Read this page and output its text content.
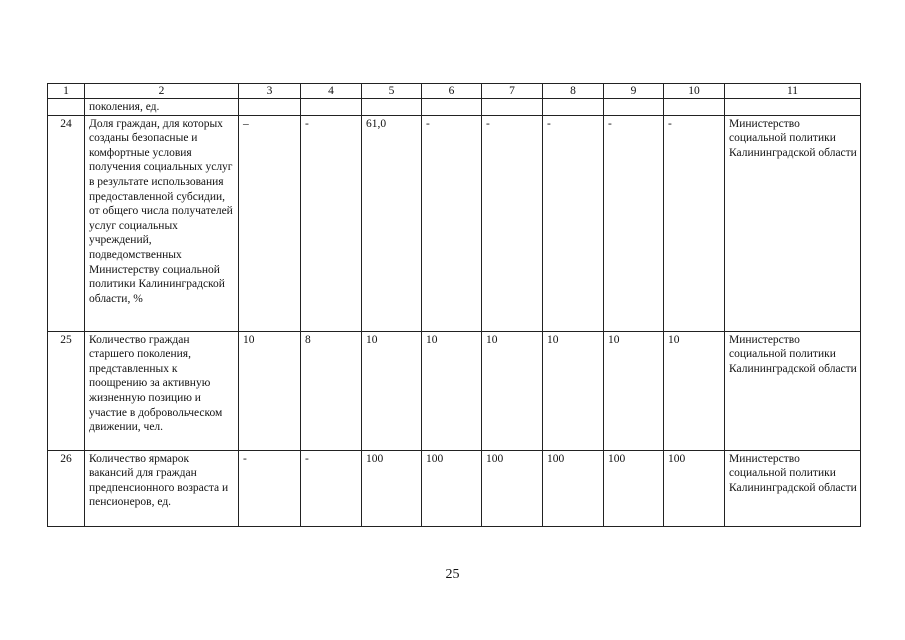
1	2	3	4	5	6	7	8	9	10	11
	поколения, ед.									
24	Доля граждан, для которых созданы безопасные и комфортные условия получения социальных услуг в результате использования предоставленной субсидии, от общего числа получателей услуг социальных учреждений, подведомственных Министерству социальной политики Калининградской области, %	–	-	61,0	-	-	-	-	-	Министерство социальной политики Калининградской области
25	Количество граждан старшего поколения, представленных к поощрению за активную жизненную позицию и участие в добровольческом движении, чел.	10	8	10	10	10	10	10	10	Министерство социальной политики Калининградской области
26	Количество ярмарок вакансий для граждан предпенсионного возраста и пенсионеров, ед.	-	-	100	100	100	100	100	100	Министерство социальной политики Калининградской области
25
